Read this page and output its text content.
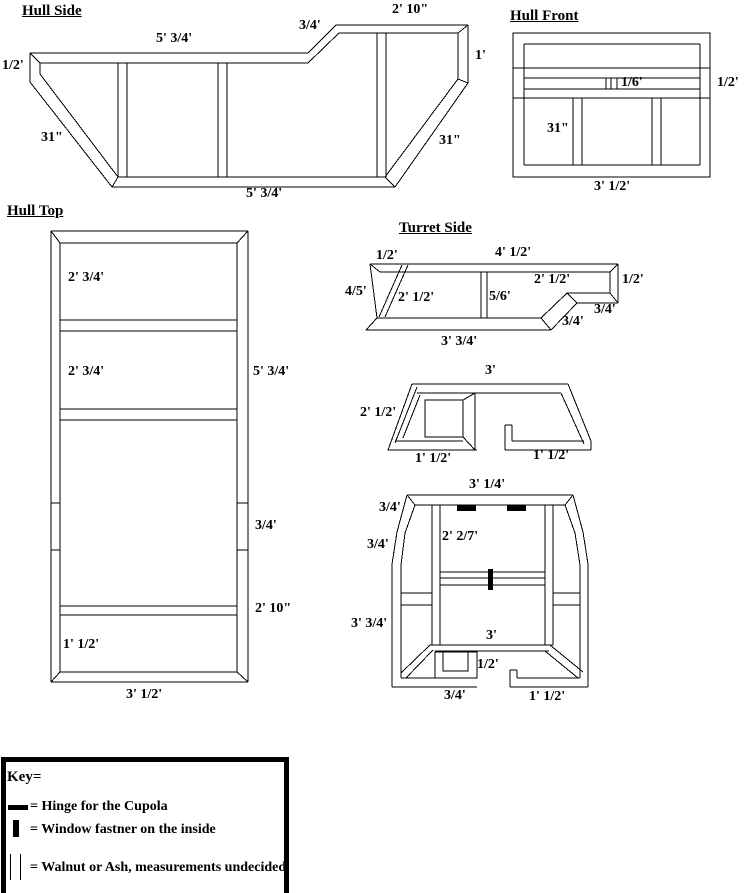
Hull Side	2' 10"
3/4'
5' 3/4'
1/2'
1'
31"	31"
5' 3/4'
Hull Front
1/6'	1/2'
31"
3' 1/2'
Hull Top
2' 3/4'
2' 3/4'	5' 3/4'
3/4'
2' 10"
1' 1/2'
3' 1/2'
Turret Side
1/2'	4' 1/2'
2' 1/2'	1/2'
4/5' 2' 1/2'	5/6'
3/4'
3/4'
3' 3/4'
3'
2' 1/2'
1' 1/2'	1' 1/2'
3' 1/4'
3/4'
3/4'
2' 2/7'
3' 3/4'
3'
1/2'
3/4'	1' 1/2'
Key=
= Hinge for the Cupola
= Window fastner on the inside
= Walnut or Ash, measurements undecided.
